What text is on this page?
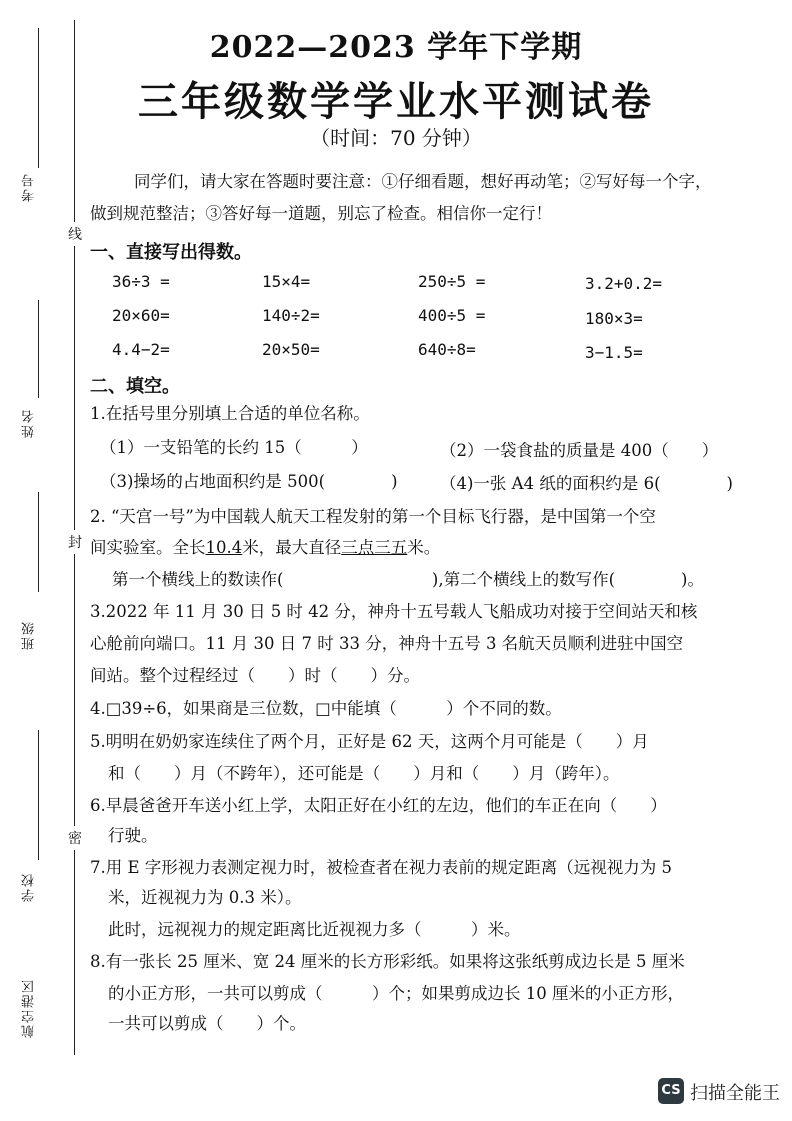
考号
姓名
班级
学校
航空港区
线
封
密
2022—2023 学年下学期
三年级数学学业水平测试卷
（时间：70 分钟）
同学们，请大家在答题时要注意：①仔细看题，想好再动笔；②写好每一个字，
做到规范整洁；③答好每一道题，别忘了检查。相信你一定行！
一、直接写出得数。
36÷3 =	15×4=	250÷5 =	3.2+0.2=
20×60=	140÷2=	400÷5 =	180×3=
4.4−2=	20×50=	640÷8=	3−1.5=
二、填空。
1.在括号里分别填上合适的单位名称。
（1）一支铅笔的长约 15（　　　）	（2）一袋食盐的质量是 400（　　）
（3)操场的占地面积约是 500(　　　　)	（4)一张 A4 纸的面积约是 6(　　　　)
2. “天宫一号”为中国载人航天工程发射的第一个目标飞行器，是中国第一个空
间实验室。全长10.4米，最大直径三点三五米。
第一个横线上的数读作(　　　　　　　　　),第二个横线上的数写作(　　　　)。
3.2022 年 11 月 30 日 5 时 42 分，神舟十五号载人飞船成功对接于空间站天和核
心舱前向端口。11 月 30 日 7 时 33 分，神舟十五号 3 名航天员顺利进驻中国空
间站。整个过程经过（　　）时（　　）分。
4.□39÷6，如果商是三位数，□中能填（　　　）个不同的数。
5.明明在奶奶家连续住了两个月，正好是 62 天，这两个月可能是（　　）月
和（　　）月（不跨年），还可能是（　　）月和（　　）月（跨年）。
6.早晨爸爸开车送小红上学，太阳正好在小红的左边，他们的车正在向（　　）
行驶。
7.用 E 字形视力表测定视力时，被检查者在视力表前的规定距离（远视视力为 5
米，近视视力为 0.3 米）。
此时，远视视力的规定距离比近视视力多（　　　）米。
8.有一张长 25 厘米、宽 24 厘米的长方形彩纸。如果将这张纸剪成边长是 5 厘米
的小正方形，一共可以剪成（　　　）个；如果剪成边长 10 厘米的小正方形，
一共可以剪成（　　）个。
CS 扫描全能王
